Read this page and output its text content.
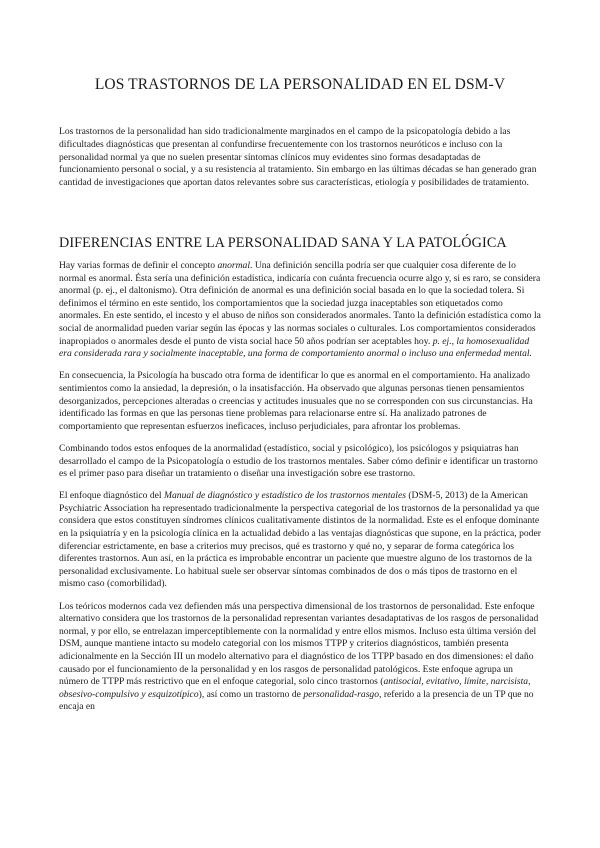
LOS TRASTORNOS DE LA PERSONALIDAD EN EL DSM-V

Los trastornos de la personalidad han sido tradicionalmente marginados en el campo de la psicopatología debido a las dificultades diagnósticas que presentan al confundirse frecuentemente con los trastornos neuróticos e incluso con la personalidad normal ya que no suelen presentar síntomas clínicos muy evidentes sino formas desadaptadas de funcionamiento personal o social, y a su resistencia al tratamiento. Sin embargo en las últimas décadas se han generado gran cantidad de investigaciones que aportan datos relevantes sobre sus características, etiología y posibilidades de tratamiento.

DIFERENCIAS ENTRE LA PERSONALIDAD SANA Y LA PATOLÓGICA

Hay varias formas de definir el concepto anormal. Una definición sencilla podría ser que cualquier cosa diferente de lo normal es anormal. Ésta sería una definición estadística, indicaría con cuánta frecuencia ocurre algo y, si es raro, se considera anormal (p. ej., el daltonismo). Otra definición de anormal es una definición social basada en lo que la sociedad tolera. Si definimos el término en este sentido, los comportamientos que la sociedad juzga inaceptables son etiquetados como anormales. En este sentido, el incesto y el abuso de niños son considerados anormales. Tanto la definición estadística como la social de anormalidad pueden variar según las épocas y las normas sociales o culturales. Los comportamientos considerados inapropiados o anormales desde el punto de vista social hace 50 años podrían ser aceptables hoy. p. ej., la homosexualidad era considerada rara y socialmente inaceptable, una forma de comportamiento anormal o incluso una enfermedad mental.

En consecuencia, la Psicología ha buscado otra forma de identificar lo que es anormal en el comportamiento. Ha analizado sentimientos como la ansiedad, la depresión, o la insatisfacción. Ha observado que algunas personas tienen pensamientos desorganizados, percepciones alteradas o creencias y actitudes inusuales que no se corresponden con sus circunstancias. Ha identificado las formas en que las personas tiene problemas para relacionarse entre sí. Ha analizado patrones de comportamiento que representan esfuerzos ineficaces, incluso perjudiciales, para afrontar los problemas.

Combinando todos estos enfoques de la anormalidad (estadístico, social y psicológico), los psicólogos y psiquiatras han desarrollado el campo de la Psicopatología o estudio de los trastornos mentales. Saber cómo definir e identificar un trastorno es el primer paso para diseñar un tratamiento o diseñar una investigación sobre ese trastorno.

El enfoque diagnóstico del Manual de diagnóstico y estadístico de los trastornos mentales (DSM-5, 2013) de la American Psychiatric Association ha representado tradicionalmente la perspectiva categorial de los trastornos de la personalidad ya que considera que estos constituyen síndromes clínicos cualitativamente distintos de la normalidad. Este es el enfoque dominante en la psiquiatría y en la psicología clínica en la actualidad debido a las ventajas diagnósticas que supone, en la práctica, poder diferenciar estrictamente, en base a criterios muy precisos, qué es trastorno y qué no, y separar de forma categórica los diferentes trastornos. Aun así, en la práctica es improbable encontrar un paciente que muestre alguno de los trastornos de la personalidad exclusivamente. Lo habitual suele ser observar síntomas combinados de dos o más tipos de trastorno en el mismo caso (comorbilidad).

Los teóricos modernos cada vez defienden más una perspectiva dimensional de los trastornos de personalidad. Este enfoque alternativo considera que los trastornos de la personalidad representan variantes desadaptativas de los rasgos de personalidad normal, y por ello, se entrelazan imperceptiblemente con la normalidad y entre ellos mismos. Incluso esta última versión del DSM, aunque mantiene intacto su modelo categorial con los mismos TTPP y criterios diagnósticos, también presenta adicionalmente en la Sección III un modelo alternativo para el diagnóstico de los TTPP basado en dos dimensiones: el daño causado por el funcionamiento de la personalidad y en los rasgos de personalidad patológicos. Este enfoque agrupa un número de TTPP más restrictivo que en el enfoque categorial, solo cinco trastornos (antisocial, evitativo, límite, narcisista, obsesivo-compulsivo y esquizotípico), así como un trastorno de personalidad-rasgo, referido a la presencia de un TP que no encaja en
